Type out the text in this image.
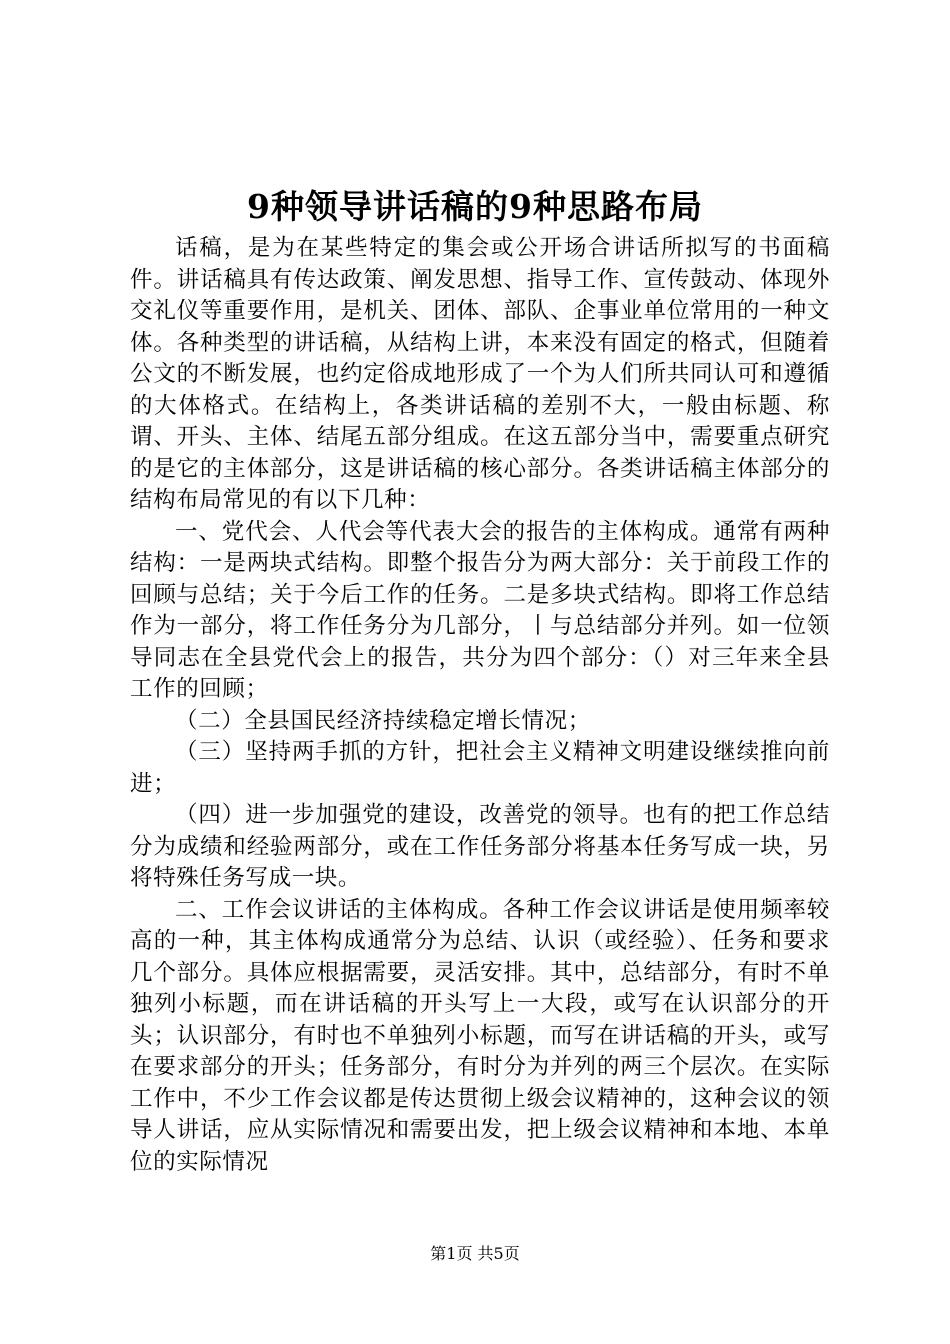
9种领导讲话稿的9种思路布局

话稿，是为在某些特定的集会或公开场合讲话所拟写的书面稿件。讲话稿具有传达政策、阐发思想、指导工作、宣传鼓动、体现外交礼仪等重要作用，是机关、团体、部队、企事业单位常用的一种文体。各种类型的讲话稿，从结构上讲，本来没有固定的格式，但随着公文的不断发展，也约定俗成地形成了一个为人们所共同认可和遵循的大体格式。在结构上，各类讲话稿的差别不大，一般由标题、称谓、开头、主体、结尾五部分组成。在这五部分当中，需要重点研究的是它的主体部分，这是讲话稿的核心部分。各类讲话稿主体部分的结构布局常见的有以下几种：

一、党代会、人代会等代表大会的报告的主体构成。通常有两种结构：一是两块式结构。即整个报告分为两大部分：关于前段工作的回顾与总结；关于今后工作的任务。二是多块式结构。即将工作总结作为一部分，将工作任务分为几部分，丨与总结部分并列。如一位领导同志在全县党代会上的报告，共分为四个部分：（）对三年来全县工作的回顾；

（二）全县国民经济持续稳定增长情况；

（三）坚持两手抓的方针，把社会主义精神文明建设继续推向前进；

（四）进一步加强党的建设，改善党的领导。也有的把工作总结分为成绩和经验两部分，或在工作任务部分将基本任务写成一块，另将特殊任务写成一块。

二、工作会议讲话的主体构成。各种工作会议讲话是使用频率较高的一种，其主体构成通常分为总结、认识（或经验）、任务和要求几个部分。具体应根据需要，灵活安排。其中，总结部分，有时不单独列小标题，而在讲话稿的开头写上一大段，或写在认识部分的开头；认识部分，有时也不单独列小标题，而写在讲话稿的开头，或写在要求部分的开头；任务部分，有时分为并列的两三个层次。在实际工作中，不少工作会议都是传达贯彻上级会议精神的，这种会议的领导人讲话，应从实际情况和需要出发，把上级会议精神和本地、本单位的实际情况

第1页 共5页
